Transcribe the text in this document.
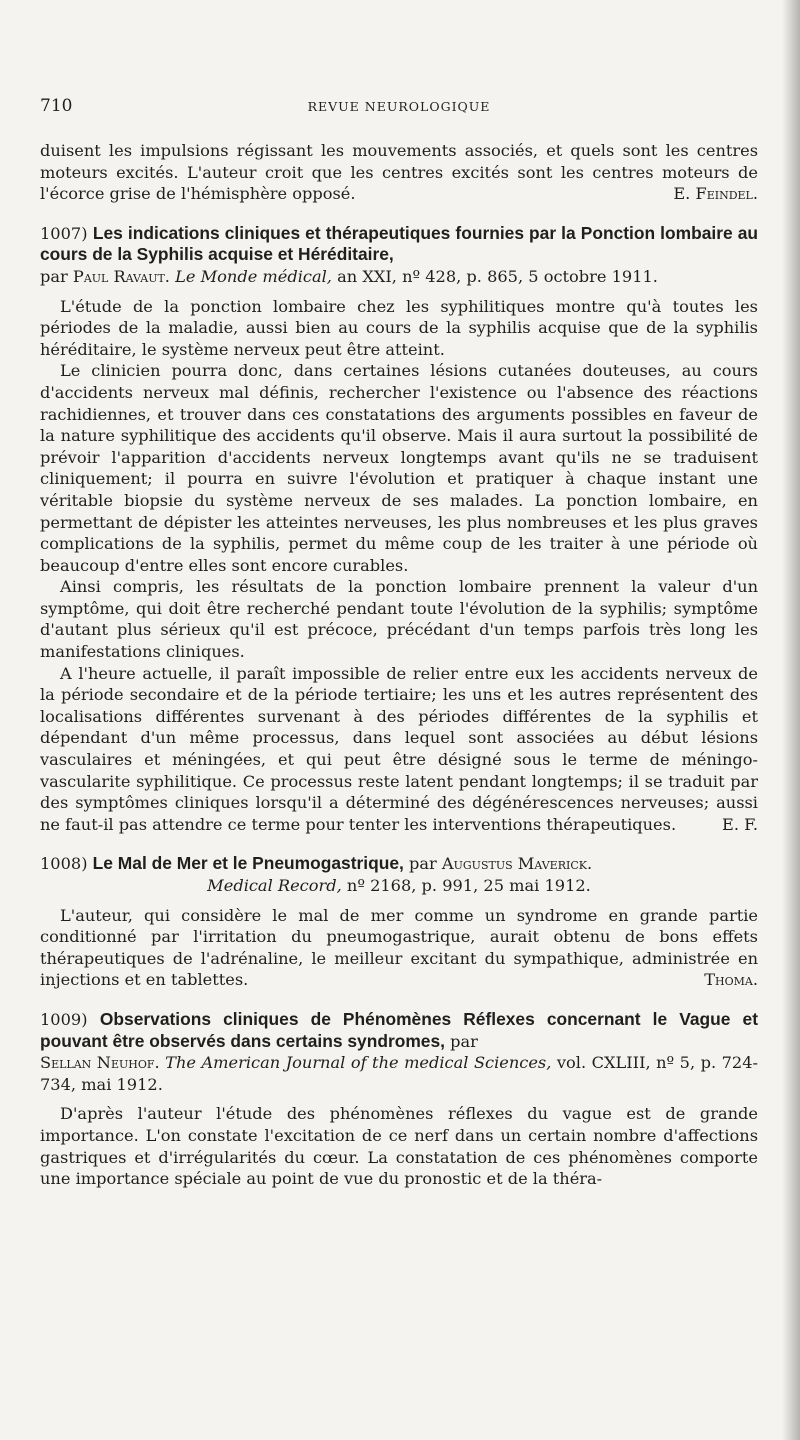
710	REVUE NEUROLOGIQUE

duisent les impulsions régissant les mouvements associés, et quels sont les centres moteurs excités. L'auteur croit que les centres excités sont les centres moteurs de l'écorce grise de l'hémisphère opposé.	E. Feindel.

1007) Les indications cliniques et thérapeutiques fournies par la Ponction lombaire au cours de la Syphilis acquise et Héréditaire,

par Paul Ravaut. Le Monde médical, an XXI, nº 428, p. 865, 5 octobre 1911.

L'étude de la ponction lombaire chez les syphilitiques montre qu'à toutes les périodes de la maladie, aussi bien au cours de la syphilis acquise que de la syphilis héréditaire, le système nerveux peut être atteint.

Le clinicien pourra donc, dans certaines lésions cutanées douteuses, au cours d'accidents nerveux mal définis, rechercher l'existence ou l'absence des réactions rachidiennes, et trouver dans ces constatations des arguments possibles en faveur de la nature syphilitique des accidents qu'il observe. Mais il aura surtout la possibilité de prévoir l'apparition d'accidents nerveux longtemps avant qu'ils ne se traduisent cliniquement; il pourra en suivre l'évolution et pratiquer à chaque instant une véritable biopsie du système nerveux de ses malades. La ponction lombaire, en permettant de dépister les atteintes nerveuses, les plus nombreuses et les plus graves complications de la syphilis, permet du même coup de les traiter à une période où beaucoup d'entre elles sont encore curables.

Ainsi compris, les résultats de la ponction lombaire prennent la valeur d'un symptôme, qui doit être recherché pendant toute l'évolution de la syphilis; symptôme d'autant plus sérieux qu'il est précoce, précédant d'un temps parfois très long les manifestations cliniques.

A l'heure actuelle, il paraît impossible de relier entre eux les accidents nerveux de la période secondaire et de la période tertiaire; les uns et les autres représentent des localisations différentes survenant à des périodes différentes de la syphilis et dépendant d'un même processus, dans lequel sont associées au début lésions vasculaires et méningées, et qui peut être désigné sous le terme de méningo-vascularite syphilitique. Ce processus reste latent pendant longtemps; il se traduit par des symptômes cliniques lorsqu'il a déterminé des dégénérescences nerveuses; aussi ne faut-il pas attendre ce terme pour tenter les interventions thérapeutiques.	E. F.

1008) Le Mal de Mer et le Pneumogastrique, par Augustus Maverick.

Medical Record, nº 2168, p. 991, 25 mai 1912.

L'auteur, qui considère le mal de mer comme un syndrome en grande partie conditionné par l'irritation du pneumogastrique, aurait obtenu de bons effets thérapeutiques de l'adrénaline, le meilleur excitant du sympathique, administrée en injections et en tablettes.	Thoma.

1009) Observations cliniques de Phénomènes Réflexes concernant le Vague et pouvant être observés dans certains syndromes, par

Sellan Neuhof. The American Journal of the medical Sciences, vol. CXLIII, nº 5, p. 724-734, mai 1912.

D'après l'auteur l'étude des phénomènes réflexes du vague est de grande importance. L'on constate l'excitation de ce nerf dans un certain nombre d'affections gastriques et d'irrégularités du cœur. La constatation de ces phénomènes comporte une importance spéciale au point de vue du pronostic et de la théra-
